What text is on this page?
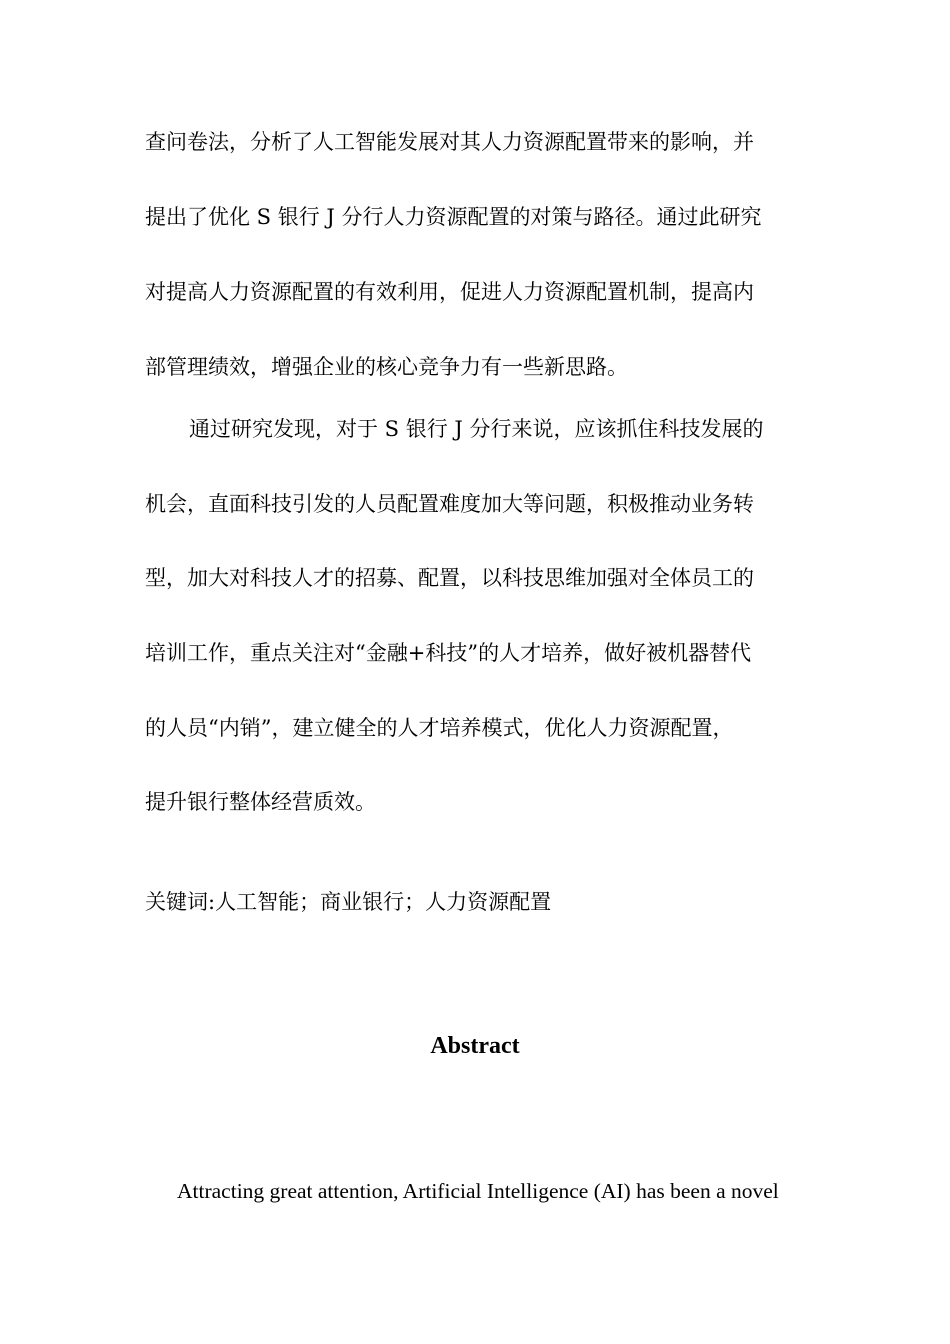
查问卷法，分析了人工智能发展对其人力资源配置带来的影响，并

提出了优化 S 银行 J 分行人力资源配置的对策与路径。通过此研究

对提高人力资源配置的有效利用，促进人力资源配置机制，提高内

部管理绩效，增强企业的核心竞争力有一些新思路。

通过研究发现，对于 S 银行 J 分行来说，应该抓住科技发展的

机会，直面科技引发的人员配置难度加大等问题，积极推动业务转

型，加大对科技人才的招募、配置，以科技思维加强对全体员工的

培训工作，重点关注对“金融+科技”的人才培养，做好被机器替代

的人员“内销”，建立健全的人才培养模式，优化人力资源配置，

提升银行整体经营质效。

关键词:人工智能；商业银行；人力资源配置

Abstract

Attracting great attention, Artificial Intelligence (AI) has been a novel
